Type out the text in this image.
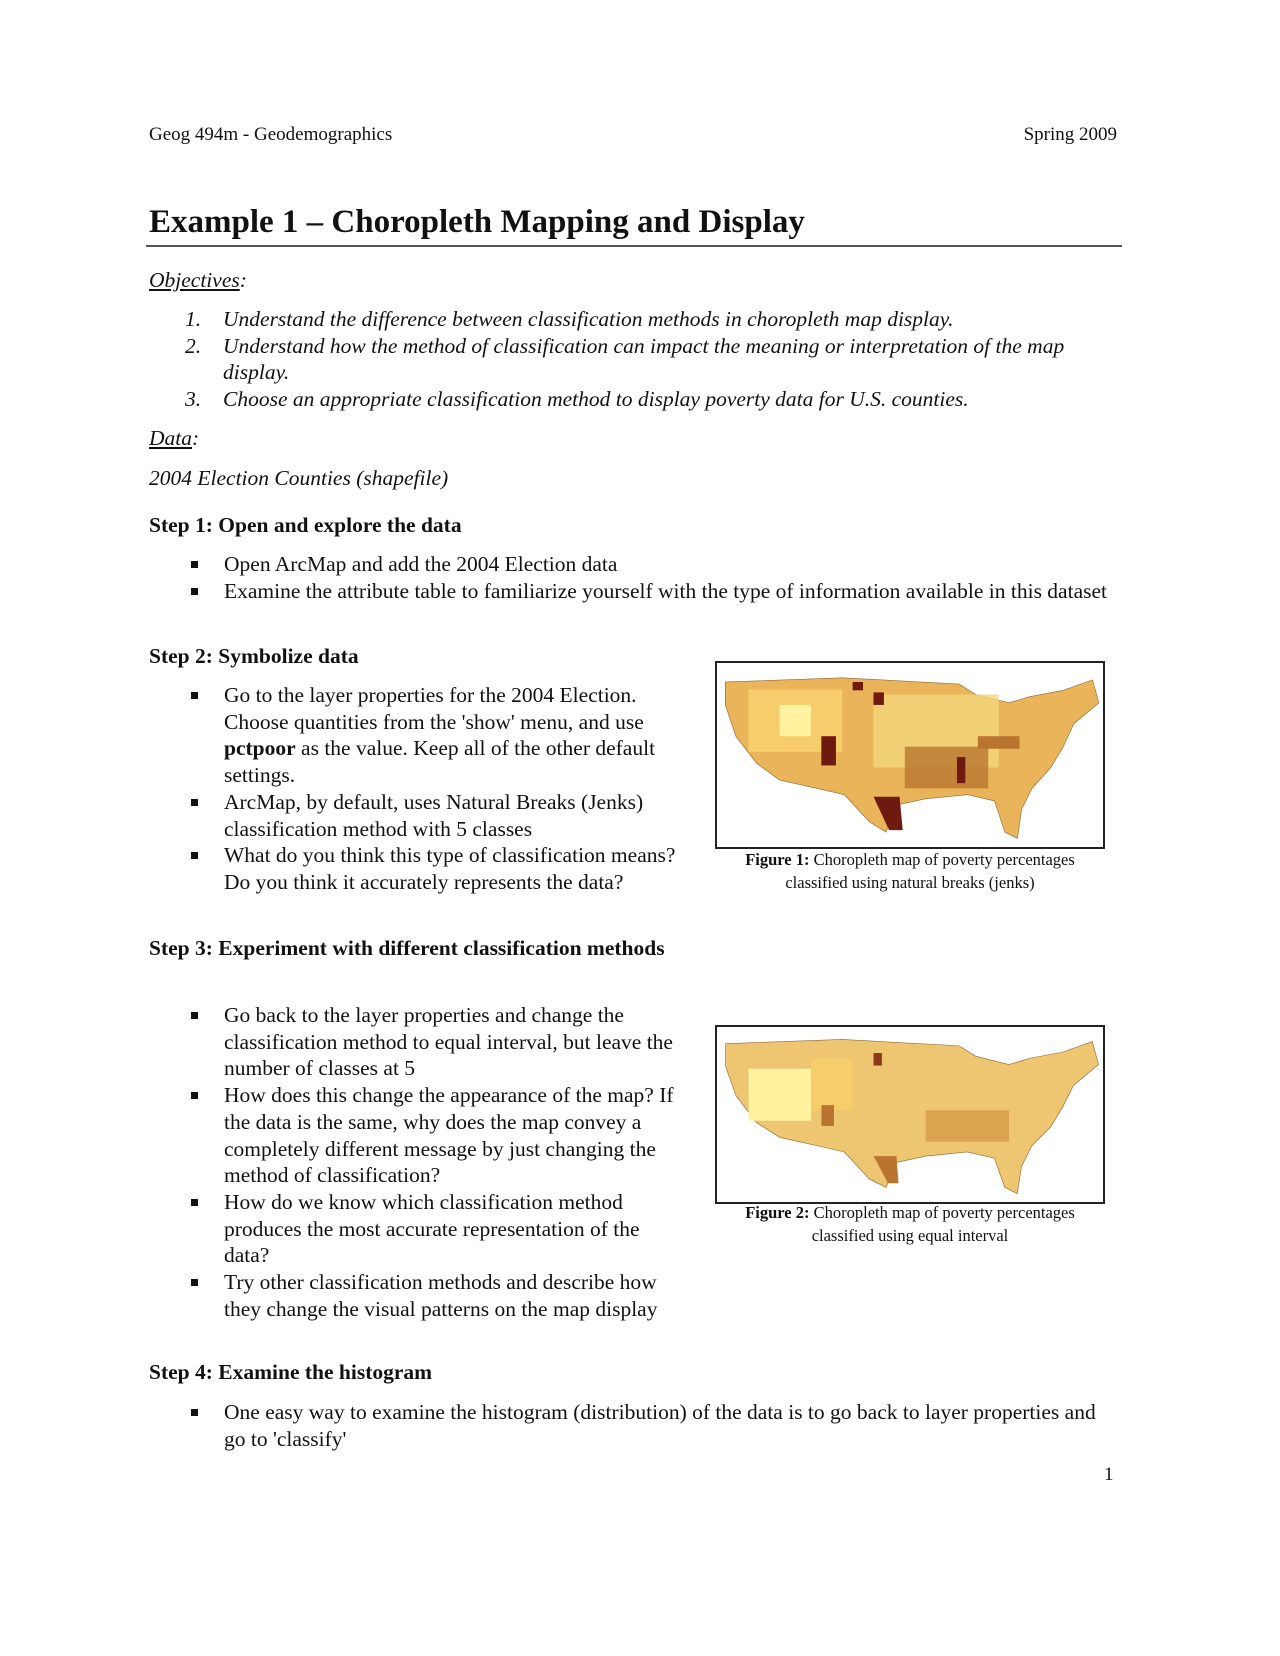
Geog 494m - Geodemographics	Spring 2009
Example 1 – Choropleth Mapping and Display
Objectives:
1. Understand the difference between classification methods in choropleth map display.
2. Understand how the method of classification can impact the meaning or interpretation of the map display.
3. Choose an appropriate classification method to display poverty data for U.S. counties.
Data:
2004 Election Counties (shapefile)
Step 1: Open and explore the data
Open ArcMap and add the 2004 Election data
Examine the attribute table to familiarize yourself with the type of information available in this dataset
Step 2: Symbolize data
Go to the layer properties for the 2004 Election. Choose quantities from the 'show' menu, and use pctpoor as the value. Keep all of the other default settings.
ArcMap, by default, uses Natural Breaks (Jenks) classification method with 5 classes
What do you think this type of classification means? Do you think it accurately represents the data?
Figure 1: Choropleth map of poverty percentages classified using natural breaks (jenks)
Step 3: Experiment with different classification methods
Go back to the layer properties and change the classification method to equal interval, but leave the number of classes at 5
How does this change the appearance of the map? If the data is the same, why does the map convey a completely different message by just changing the method of classification?
How do we know which classification method produces the most accurate representation of the data?
Try other classification methods and describe how they change the visual patterns on the map display
Figure 2: Choropleth map of poverty percentages classified using equal interval
Step 4: Examine the histogram
One easy way to examine the histogram (distribution) of the data is to go back to layer properties and go to 'classify'
1
